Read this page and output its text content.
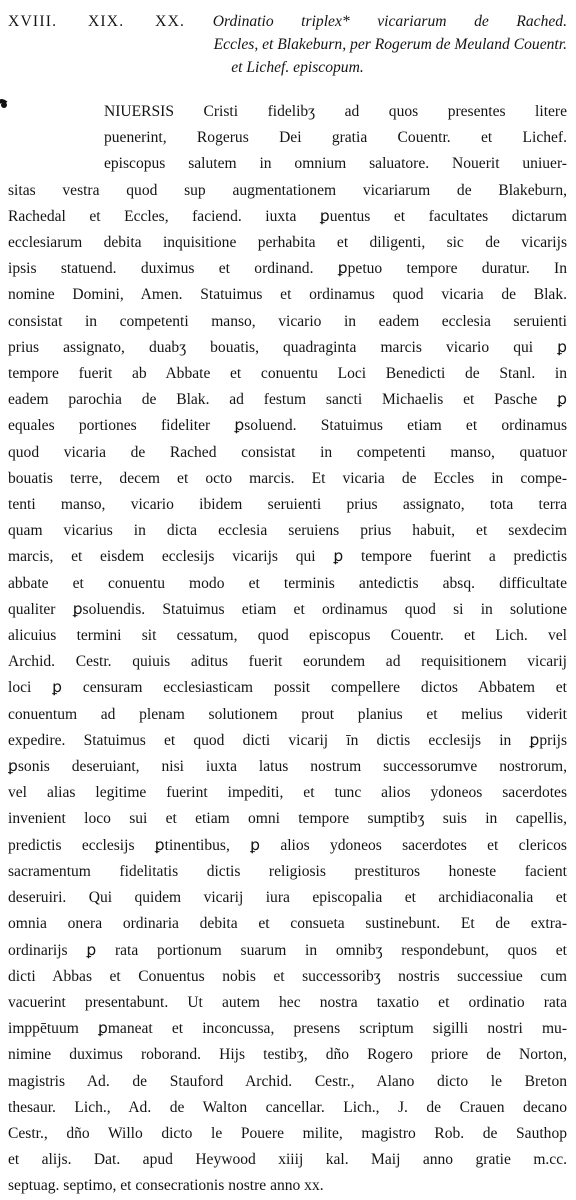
XVIII. XIX. XX. Ordinatio triplex* vicariarum de Rached.
Eccles, et Blakeburn, per Rogerum de Meuland Couentr.
et Lichef. episcopum.
NIUERSIS Cristi fidelibʒ ad quos presentes litere
puenerint, Rogerus Dei gratia Couentr. et Lichef.
episcopus salutem in omnium saluatore. Nouerit uniuer-
sitas vestra quod sup augmentationem vicariarum de Blakeburn,
Rachedal et Eccles, faciend. iuxta ꝑuentus et facultates dictarum
ecclesiarum debita inquisitione perhabita et diligenti, sic de vicarijs
ipsis statuend. duximus et ordinand. ꝑpetuo tempore duratur. In
nomine Domini, Amen. Statuimus et ordinamus quod vicaria de Blak.
consistat in competenti manso, vicario in eadem ecclesia seruienti
prius assignato, duabʒ bouatis, quadraginta marcis vicario qui ꝑ
tempore fuerit ab Abbate et conuentu Loci Benedicti de Stanl. in
eadem parochia de Blak. ad festum sancti Michaelis et Pasche ꝑ
equales portiones fideliter ꝑsoluend. Statuimus etiam et ordinamus
quod vicaria de Rached consistat in competenti manso, quatuor
bouatis terre, decem et octo marcis. Et vicaria de Eccles in compe-
tenti manso, vicario ibidem seruienti prius assignato, tota terra
quam vicarius in dicta ecclesia seruiens prius habuit, et sexdecim
marcis, et eisdem ecclesijs vicarijs qui ꝑ tempore fuerint a predictis
abbate et conuentu modo et terminis antedictis absq. difficultate
qualiter ꝑsoluendis. Statuimus etiam et ordinamus quod si in solutione
alicuius termini sit cessatum, quod episcopus Couentr. et Lich. vel
Archid. Cestr. quiuis aditus fuerit eorundem ad requisitionem vicarij
loci ꝑ censuram ecclesiasticam possit compellere dictos Abbatem et
conuentum ad plenam solutionem prout planius et melius viderit
expedire. Statuimus et quod dicti vicarij īn dictis ecclesijs in ꝑprijs
ꝑsonis deseruiant, nisi iuxta latus nostrum successorumve nostrorum,
vel alias legitime fuerint impediti, et tunc alios ydoneos sacerdotes
invenient loco sui et etiam omni tempore sumptibʒ suis in capellis,
predictis ecclesijs ꝑtinentibus, ꝑ alios ydoneos sacerdotes et clericos
sacramentum fidelitatis dictis religiosis prestituros honeste facient
deseruiri. Qui quidem vicarij iura episcopalia et archidiaconalia et
omnia onera ordinaria debita et consueta sustinebunt. Et de extra-
ordinarijs ꝑ rata portionum suarum in omnibʒ respondebunt, quos et
dicti Abbas et Conuentus nobis et successoribʒ nostris successiue cum
vacuerint presentabunt. Ut autem hec nostra taxatio et ordinatio rata
imppētuum ꝑmaneat et inconcussa, presens scriptum sigilli nostri mu-
nimine duximus roborand. Hijs testibʒ, dño Rogero priore de Norton,
magistris Ad. de Stauford Archid. Cestr., Alano dicto le Breton
thesaur. Lich., Ad. de Walton cancellar. Lich., J. de Crauen decano
Cestr., dño Willo dicto le Pouere milite, magistro Rob. de Sauthop
et alijs. Dat. apud Heywood xiiij kal. Maij anno gratie m.cc.
septuag. septimo, et consecrationis nostre anno xx.
